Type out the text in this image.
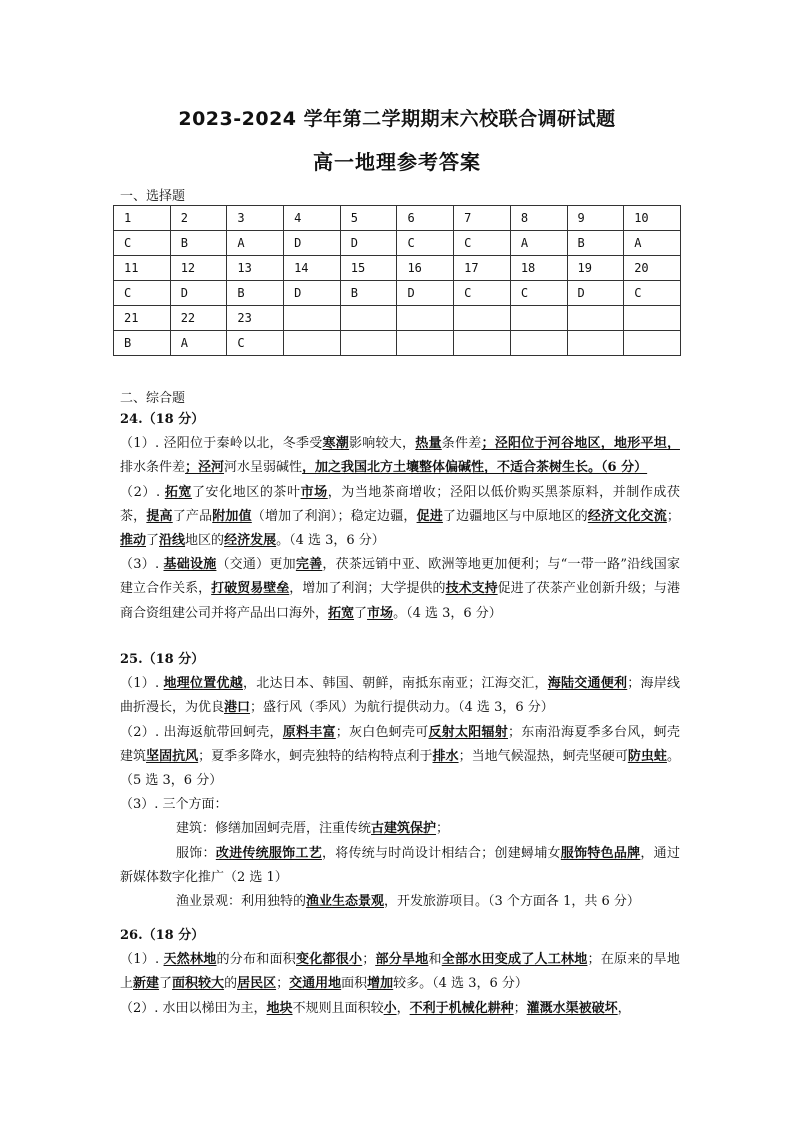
2023-2024 学年第二学期期末六校联合调研试题
高一地理参考答案
一、选择题
1	2	3	4	5	6	7	8	9	10
C	B	A	D	D	C	C	A	B	A
11	12	13	14	15	16	17	18	19	20
C	D	B	D	B	D	C	C	D	C
21	22	23							
B	A	C							
二、综合题

24.（18 分）

（1）. 泾阳位于秦岭以北，冬季受寒潮影响较大，热量条件差；泾阳位于河谷地区，地形平坦，排水条件差；泾河河水呈弱碱性，加之我国北方土壤整体偏碱性，不适合茶树生长。（6 分）

（2）. 拓宽了安化地区的茶叶市场，为当地茶商增收；泾阳以低价购买黑茶原料，并制作成茯茶，提高了产品附加值（增加了利润）；稳定边疆，促进了边疆地区与中原地区的经济文化交流；推动了沿线地区的经济发展。（4 选 3，6 分）

（3）. 基础设施（交通）更加完善，茯茶远销中亚、欧洲等地更加便利；与“一带一路”沿线国家建立合作关系，打破贸易壁垒，增加了利润；大学提供的技术支持促进了茯茶产业创新升级；与港商合资组建公司并将产品出口海外，拓宽了市场。（4 选 3，6 分）

25.（18 分）

（1）. 地理位置优越，北达日本、韩国、朝鲜，南抵东南亚；江海交汇，海陆交通便利；海岸线曲折漫长，为优良港口；盛行风（季风）为航行提供动力。（4 选 3，6 分）

（2）. 出海返航带回蚵壳，原料丰富；灰白色蚵壳可反射太阳辐射；东南沿海夏季多台风，蚵壳建筑坚固抗风；夏季多降水，蚵壳独特的结构特点利于排水；当地气候湿热，蚵壳坚硬可防虫蛀。（5 选 3，6 分）

（3）. 三个方面：

建筑：修缮加固蚵壳厝，注重传统古建筑保护；

服饰：改进传统服饰工艺，将传统与时尚设计相结合；创建蟳埔女服饰特色品牌，通过新媒体数字化推广（2 选 1）

渔业景观：利用独特的渔业生态景观，开发旅游项目。（3 个方面各 1，共 6 分）

26.（18 分）

（1）. 天然林地的分布和面积变化都很小；部分旱地和全部水田变成了人工林地；在原来的旱地上新建了面积较大的居民区；交通用地面积增加较多。（4 选 3，6 分）

（2）. 水田以梯田为主，地块不规则且面积较小，不利于机械化耕种；灌溉水渠被破坏，
